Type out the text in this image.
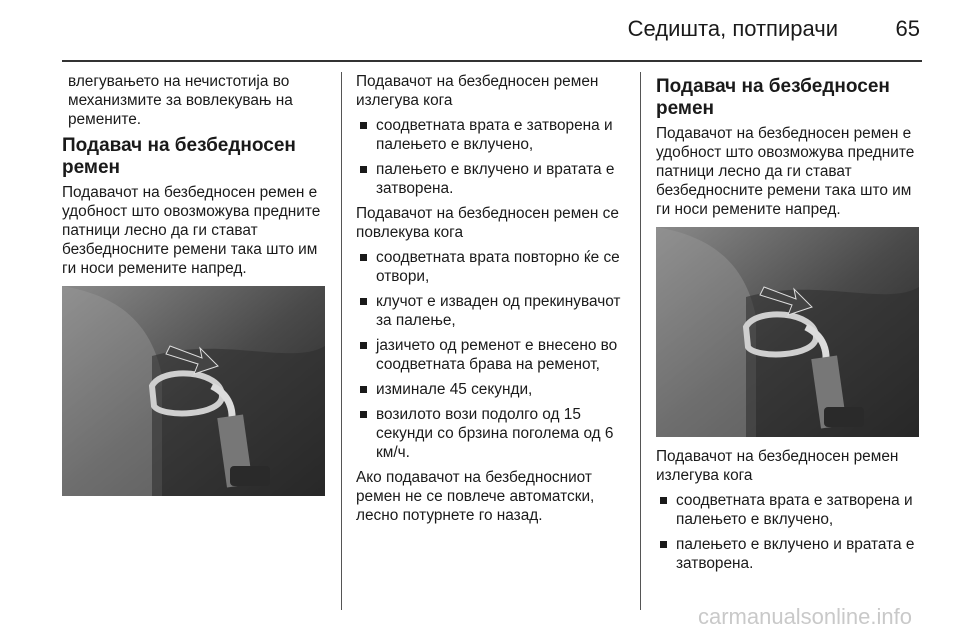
Седишта, потпирачи	65

влегувањето на нечистотија во механизмите за вовлекувањ на ремените.

Подавач на безбедносен ремен

Подавачот на безбедносен ремен е удобност што овозможува предните патници лесно да ги стават безбедносните ремени така што им ги носи ремените напред.

Подавачот на безбедносен ремен излегува кога

соодветната врата е затворена и палењето е вклучено,
палењето е вклучено и вратата е затворена.

Подавачот на безбедносен ремен се повлекува кога

соодветната врата повторно ќе се отвори,
клучот е изваден од прекинувачот за палење,
јазичето од ременот е внесено во соодветната брава на ременот,
изминале 45 секунди,
возилото вози подолго од 15 секунди со брзина поголема од 6 км/ч.

Ако подавачот на безбедносниот ремен не се повлече автоматски, лесно потурнете го назад.

Подавач на безбедносен ремен

Подавачот на безбедносен ремен е удобност што овозможува предните патници лесно да ги стават безбедносните ремени така што им ги носи ремените напред.

Подавачот на безбедносен ремен излегува кога

соодветната врата е затворена и палењето е вклучено,
палењето е вклучено и вратата е затворена.
carmanualsonline.info
